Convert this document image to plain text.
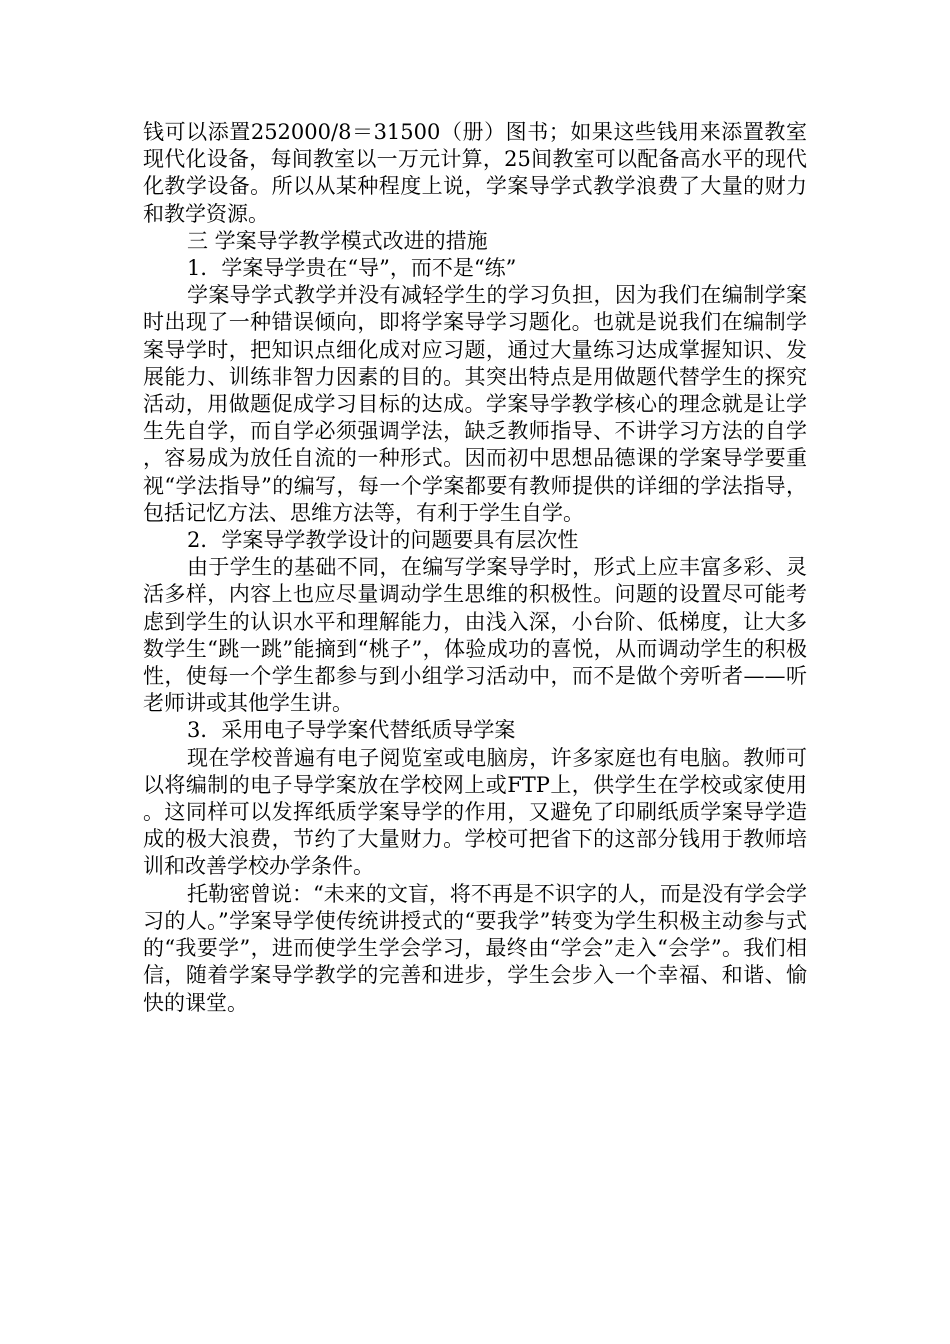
钱可以添置252000/8＝31500（册）图书；如果这些钱用来添置教室现代化设备，每间教室以一万元计算，25间教室可以配备高水平的现代化教学设备。所以从某种程度上说，学案导学式教学浪费了大量的财力和教学资源。

三 学案导学教学模式改进的措施

1．学案导学贵在“导”，而不是“练”

学案导学式教学并没有减轻学生的学习负担，因为我们在编制学案时出现了一种错误倾向，即将学案导学习题化。也就是说我们在编制学案导学时，把知识点细化成对应习题，通过大量练习达成掌握知识、发展能力、训练非智力因素的目的。其突出特点是用做题代替学生的探究活动，用做题促成学习目标的达成。学案导学教学核心的理念就是让学生先自学，而自学必须强调学法，缺乏教师指导、不讲学习方法的自学，容易成为放任自流的一种形式。因而初中思想品德课的学案导学要重视“学法指导”的编写，每一个学案都要有教师提供的详细的学法指导，包括记忆方法、思维方法等，有利于学生自学。

2．学案导学教学设计的问题要具有层次性

由于学生的基础不同，在编写学案导学时，形式上应丰富多彩、灵活多样，内容上也应尽量调动学生思维的积极性。问题的设置尽可能考虑到学生的认识水平和理解能力，由浅入深，小台阶、低梯度，让大多数学生“跳一跳”能摘到“桃子”，体验成功的喜悦，从而调动学生的积极性，使每一个学生都参与到小组学习活动中，而不是做个旁听者——听老师讲或其他学生讲。

3．采用电子导学案代替纸质导学案

现在学校普遍有电子阅览室或电脑房，许多家庭也有电脑。教师可以将编制的电子导学案放在学校网上或FTP上，供学生在学校或家使用。这同样可以发挥纸质学案导学的作用，又避免了印刷纸质学案导学造成的极大浪费，节约了大量财力。学校可把省下的这部分钱用于教师培训和改善学校办学条件。

托勒密曾说：“未来的文盲，将不再是不识字的人，而是没有学会学习的人。”学案导学使传统讲授式的“要我学”转变为学生积极主动参与式的“我要学”，进而使学生学会学习，最终由“学会”走入“会学”。我们相信，随着学案导学教学的完善和进步，学生会步入一个幸福、和谐、愉快的课堂。
